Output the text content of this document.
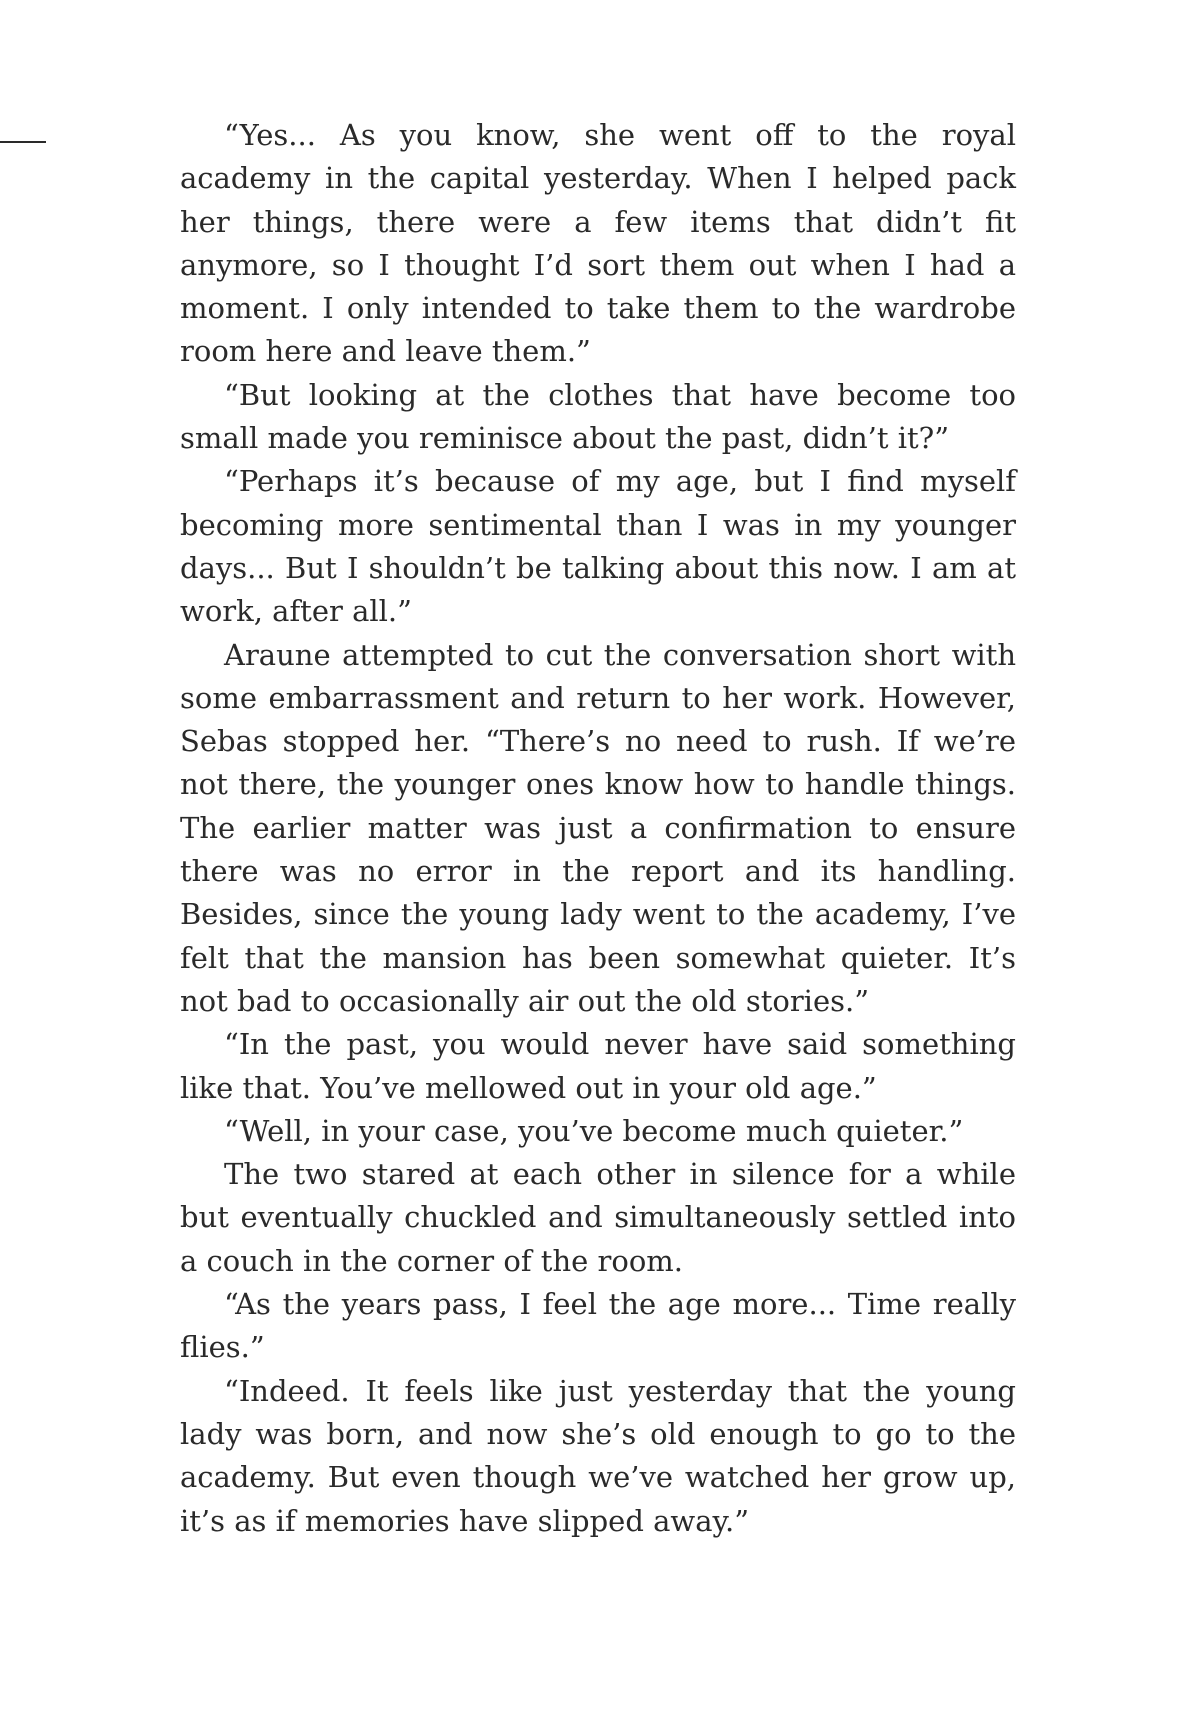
“Yes... As you know, she went off to the royal academy in the capital yesterday. When I helped pack her things, there were a few items that didn’t fit anymore, so I thought I’d sort them out when I had a moment. I only intended to take them to the wardrobe room here and leave them.”

“But looking at the clothes that have become too small made you reminisce about the past, didn’t it?”

“Perhaps it’s because of my age, but I find myself becoming more sentimental than I was in my younger days... But I shouldn’t be talking about this now. I am at work, after all.”

Araune attempted to cut the conversation short with some embarrassment and return to her work. However, Sebas stopped her. “There’s no need to rush. If we’re not there, the younger ones know how to handle things. The earlier matter was just a confirmation to ensure there was no error in the report and its handling. Besides, since the young lady went to the academy, I’ve felt that the mansion has been somewhat quieter. It’s not bad to occasionally air out the old stories.”

“In the past, you would never have said something like that. You’ve mellowed out in your old age.”

“Well, in your case, you’ve become much quieter.”

The two stared at each other in silence for a while but eventually chuckled and simultaneously settled into a couch in the corner of the room.

“As the years pass, I feel the age more... Time really flies.”

“Indeed. It feels like just yesterday that the young lady was born, and now she’s old enough to go to the academy. But even though we’ve watched her grow up, it’s as if memories have slipped away.”
